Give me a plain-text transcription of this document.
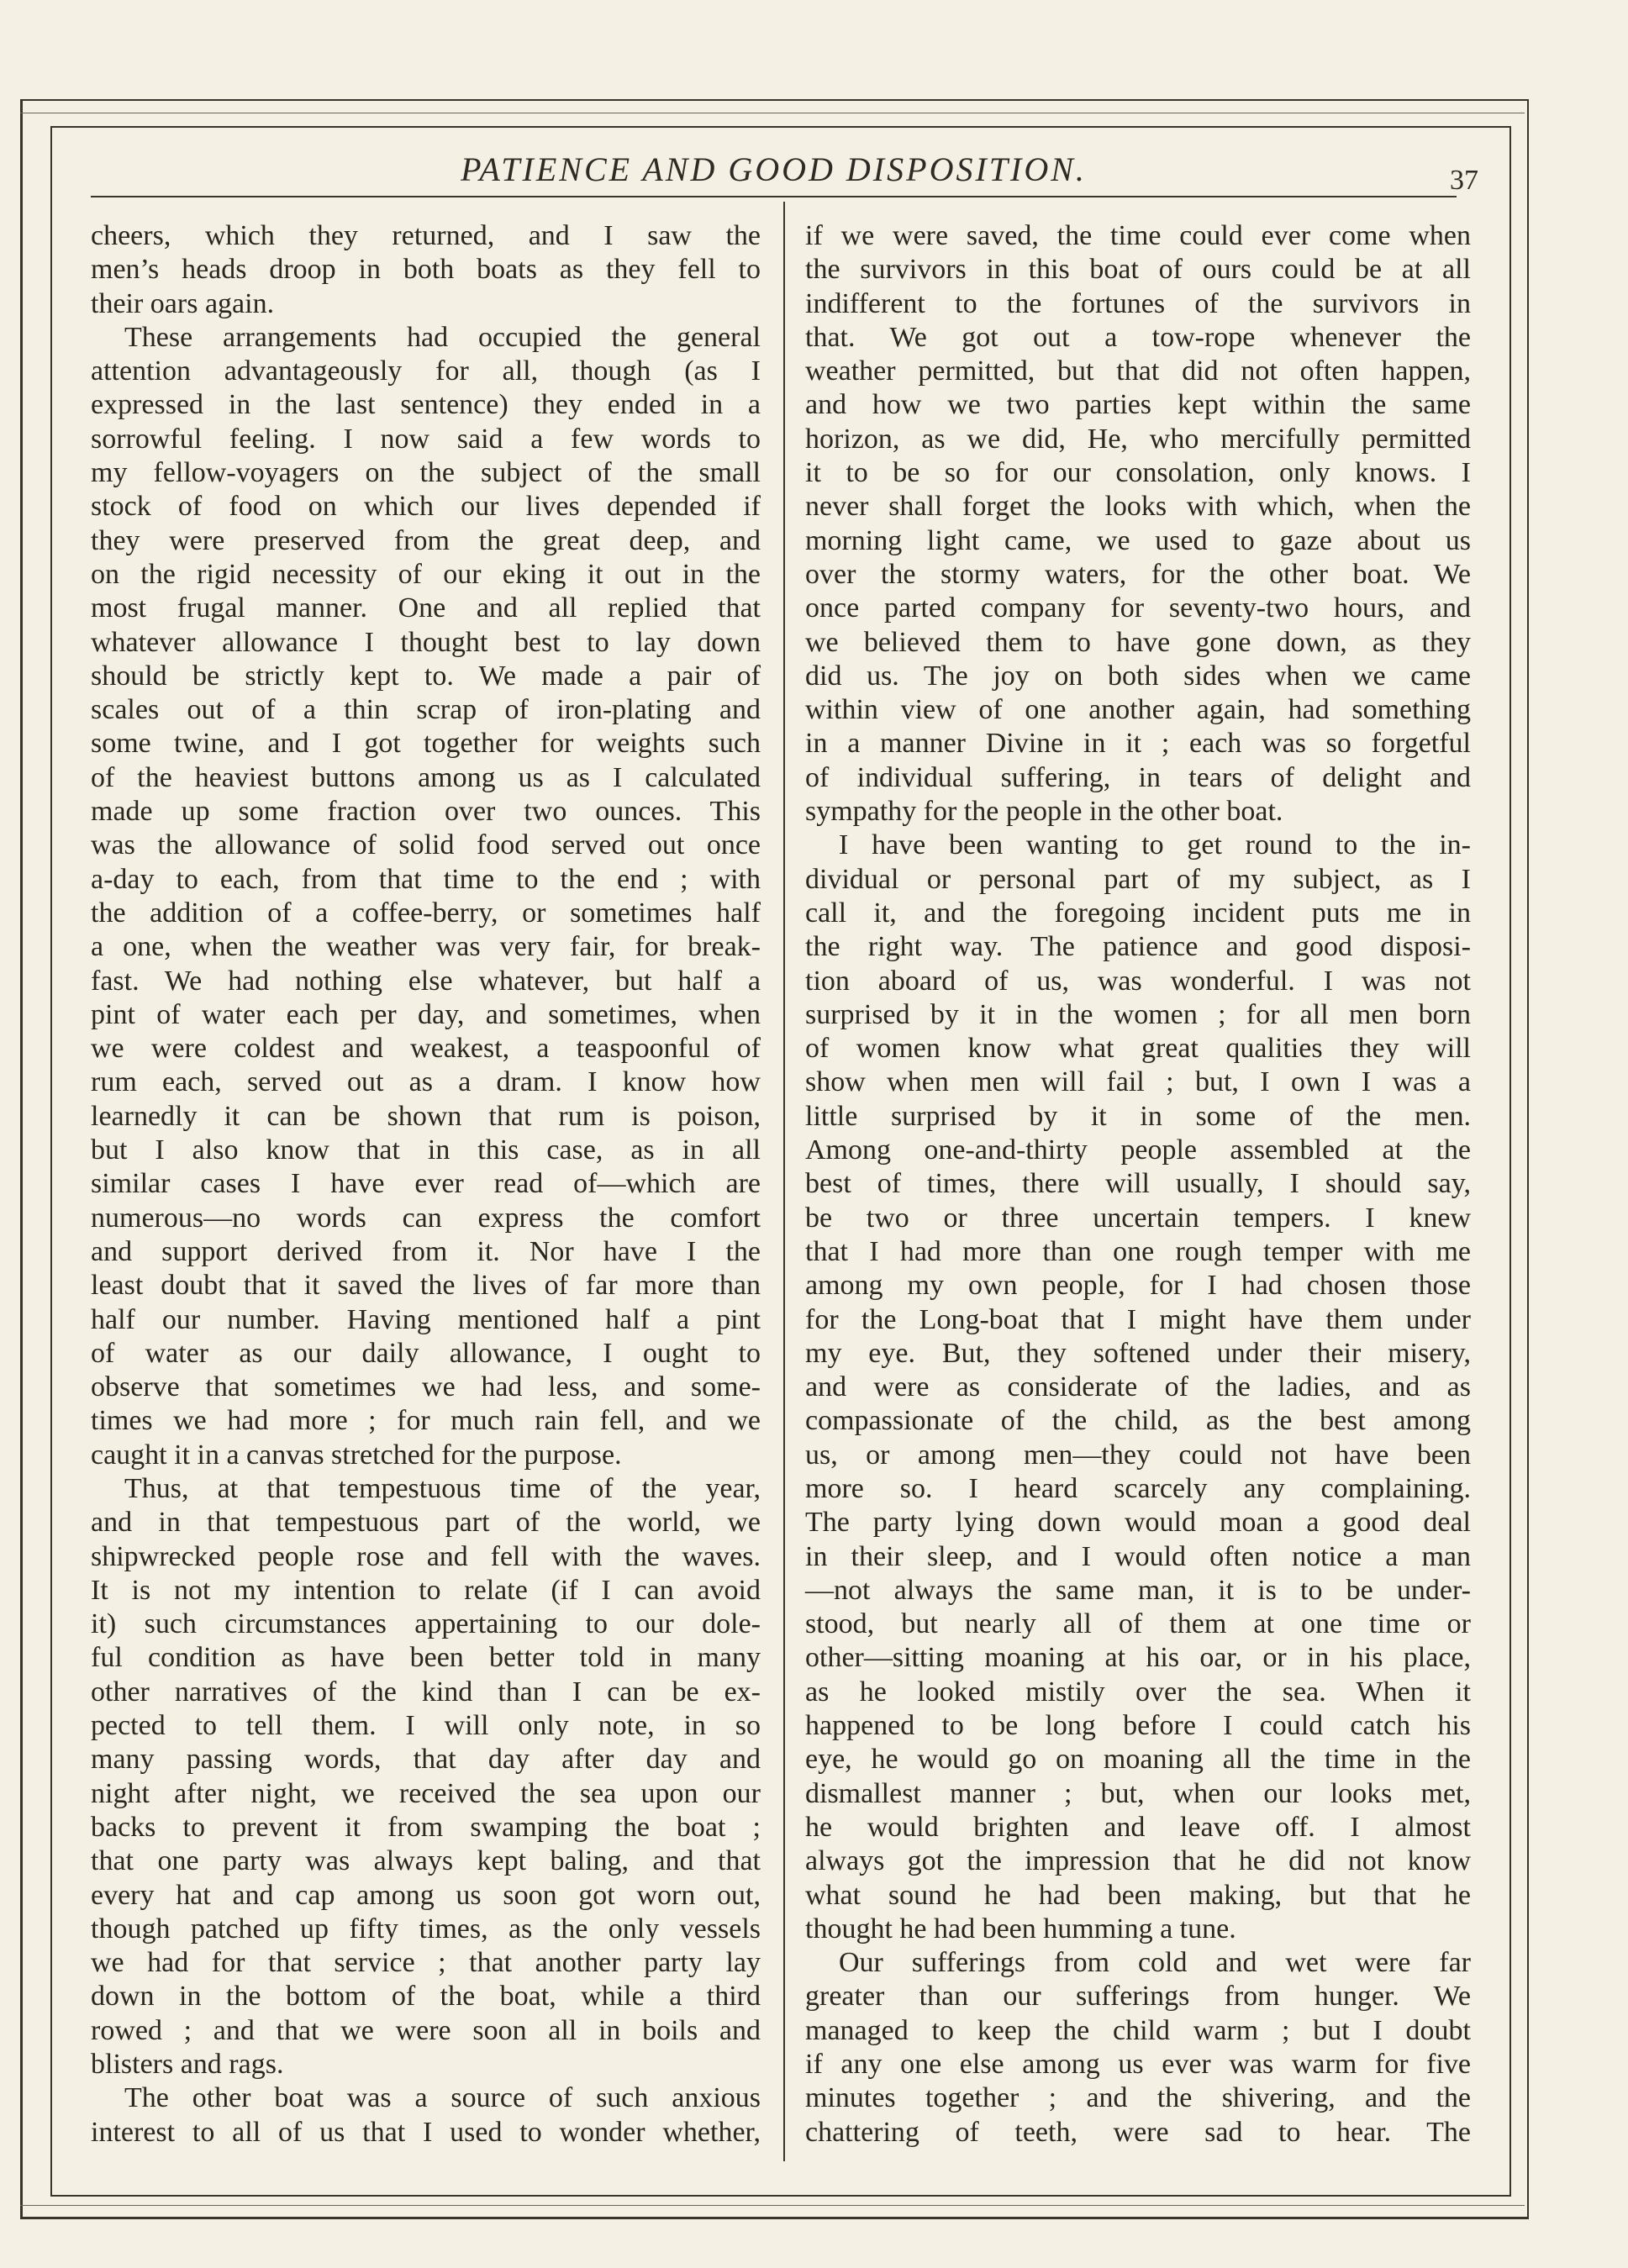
PATIENCE AND GOOD DISPOSITION.	37
cheers, which they returned, and I saw the
men’s heads droop in both boats as they fell to
their oars again.
These arrangements had occupied the general
attention advantageously for all, though (as I
expressed in the last sentence) they ended in a
sorrowful feeling. I now said a few words to
my fellow-voyagers on the subject of the small
stock of food on which our lives depended if
they were preserved from the great deep, and
on the rigid necessity of our eking it out in the
most frugal manner. One and all replied that
whatever allowance I thought best to lay down
should be strictly kept to. We made a pair of
scales out of a thin scrap of iron-plating and
some twine, and I got together for weights such
of the heaviest buttons among us as I calculated
made up some fraction over two ounces. This
was the allowance of solid food served out once
a-day to each, from that time to the end ; with
the addition of a coffee-berry, or sometimes half
a one, when the weather was very fair, for break-
fast. We had nothing else whatever, but half a
pint of water each per day, and sometimes, when
we were coldest and weakest, a teaspoonful of
rum each, served out as a dram. I know how
learnedly it can be shown that rum is poison,
but I also know that in this case, as in all
similar cases I have ever read of—which are
numerous—no words can express the comfort
and support derived from it. Nor have I the
least doubt that it saved the lives of far more than
half our number. Having mentioned half a pint
of water as our daily allowance, I ought to
observe that sometimes we had less, and some-
times we had more ; for much rain fell, and we
caught it in a canvas stretched for the purpose.
Thus, at that tempestuous time of the year,
and in that tempestuous part of the world, we
shipwrecked people rose and fell with the waves.
It is not my intention to relate (if I can avoid
it) such circumstances appertaining to our dole-
ful condition as have been better told in many
other narratives of the kind than I can be ex-
pected to tell them. I will only note, in so
many passing words, that day after day and
night after night, we received the sea upon our
backs to prevent it from swamping the boat ;
that one party was always kept baling, and that
every hat and cap among us soon got worn out,
though patched up fifty times, as the only vessels
we had for that service ; that another party lay
down in the bottom of the boat, while a third
rowed ; and that we were soon all in boils and
blisters and rags.
The other boat was a source of such anxious
interest to all of us that I used to wonder whether,
if we were saved, the time could ever come when
the survivors in this boat of ours could be at all
indifferent to the fortunes of the survivors in
that. We got out a tow-rope whenever the
weather permitted, but that did not often happen,
and how we two parties kept within the same
horizon, as we did, He, who mercifully permitted
it to be so for our consolation, only knows. I
never shall forget the looks with which, when the
morning light came, we used to gaze about us
over the stormy waters, for the other boat. We
once parted company for seventy-two hours, and
we believed them to have gone down, as they
did us. The joy on both sides when we came
within view of one another again, had something
in a manner Divine in it ; each was so forgetful
of individual suffering, in tears of delight and
sympathy for the people in the other boat.
I have been wanting to get round to the in-
dividual or personal part of my subject, as I
call it, and the foregoing incident puts me in
the right way. The patience and good disposi-
tion aboard of us, was wonderful. I was not
surprised by it in the women ; for all men born
of women know what great qualities they will
show when men will fail ; but, I own I was a
little surprised by it in some of the men.
Among one-and-thirty people assembled at the
best of times, there will usually, I should say,
be two or three uncertain tempers. I knew
that I had more than one rough temper with me
among my own people, for I had chosen those
for the Long-boat that I might have them under
my eye. But, they softened under their misery,
and were as considerate of the ladies, and as
compassionate of the child, as the best among
us, or among men—they could not have been
more so. I heard scarcely any complaining.
The party lying down would moan a good deal
in their sleep, and I would often notice a man
—not always the same man, it is to be under-
stood, but nearly all of them at one time or
other—sitting moaning at his oar, or in his place,
as he looked mistily over the sea. When it
happened to be long before I could catch his
eye, he would go on moaning all the time in the
dismallest manner ; but, when our looks met,
he would brighten and leave off. I almost
always got the impression that he did not know
what sound he had been making, but that he
thought he had been humming a tune.
Our sufferings from cold and wet were far
greater than our sufferings from hunger. We
managed to keep the child warm ; but I doubt
if any one else among us ever was warm for five
minutes together ; and the shivering, and the
chattering of teeth, were sad to hear. The
